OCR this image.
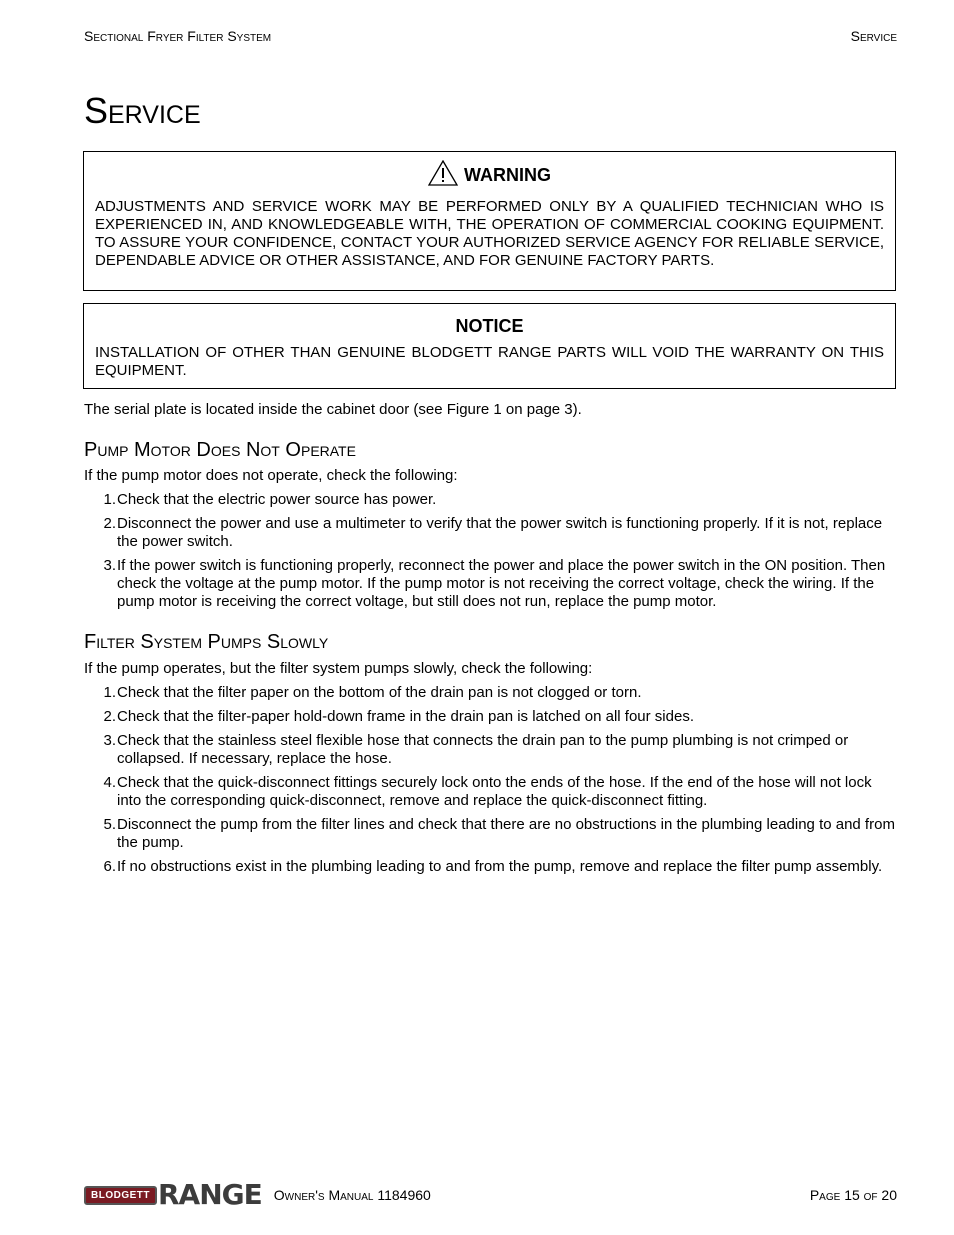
Sectional Fryer Filter System	Service
Service
WARNING

ADJUSTMENTS AND SERVICE WORK MAY BE PERFORMED ONLY BY A QUALIFIED TECHNICIAN WHO IS EXPERIENCED IN, AND KNOWLEDGEABLE WITH, THE OPERATION OF COMMERCIAL COOKING EQUIPMENT. TO ASSURE YOUR CONFIDENCE, CONTACT YOUR AUTHORIZED SERVICE AGENCY FOR RELIABLE SERVICE, DEPENDABLE ADVICE OR OTHER ASSISTANCE, AND FOR GENUINE FACTORY PARTS.

NOTICE

INSTALLATION OF OTHER THAN GENUINE BLODGETT RANGE PARTS WILL VOID THE WARRANTY ON THIS EQUIPMENT.

The serial plate is located inside the cabinet door (see Figure 1 on page 3).

Pump Motor Does Not Operate

If the pump motor does not operate, check the following:

1 . Check that the electric power source has power.
2 . Disconnect the power and use a multimeter to verify that the power switch is functioning properly. If it is not, replace the power switch.
3 . If the power switch is functioning properly, reconnect the power and place the power switch in the ON position. Then check the voltage at the pump motor. If the pump motor is not receiving the correct voltage, check the wiring. If the pump motor is receiving the correct voltage, but still does not run, replace the pump motor.
Filter System Pumps Slowly

If the pump operates, but the filter system pumps slowly, check the following:

1 . Check that the filter paper on the bottom of the drain pan is not clogged or torn.
2 . Check that the filter-paper hold-down frame in the drain pan is latched on all four sides.
3 . Check that the stainless steel flexible hose that connects the drain pan to the pump plumbing is not crimped or collapsed. If necessary, replace the hose.
4 . Check that the quick-disconnect fittings securely lock onto the ends of the hose. If the end of the hose will not lock into the corresponding quick-disconnect, remove and replace the quick-disconnect fitting.
5 . Disconnect the pump from the filter lines and check that there are no obstructions in the plumbing leading to and from the pump.
6 . If no obstructions exist in the plumbing leading to and from the pump, remove and replace the filter pump assembly.
BLODGETT RANGE Owner's Manual 1184960	Page 15 of 20
